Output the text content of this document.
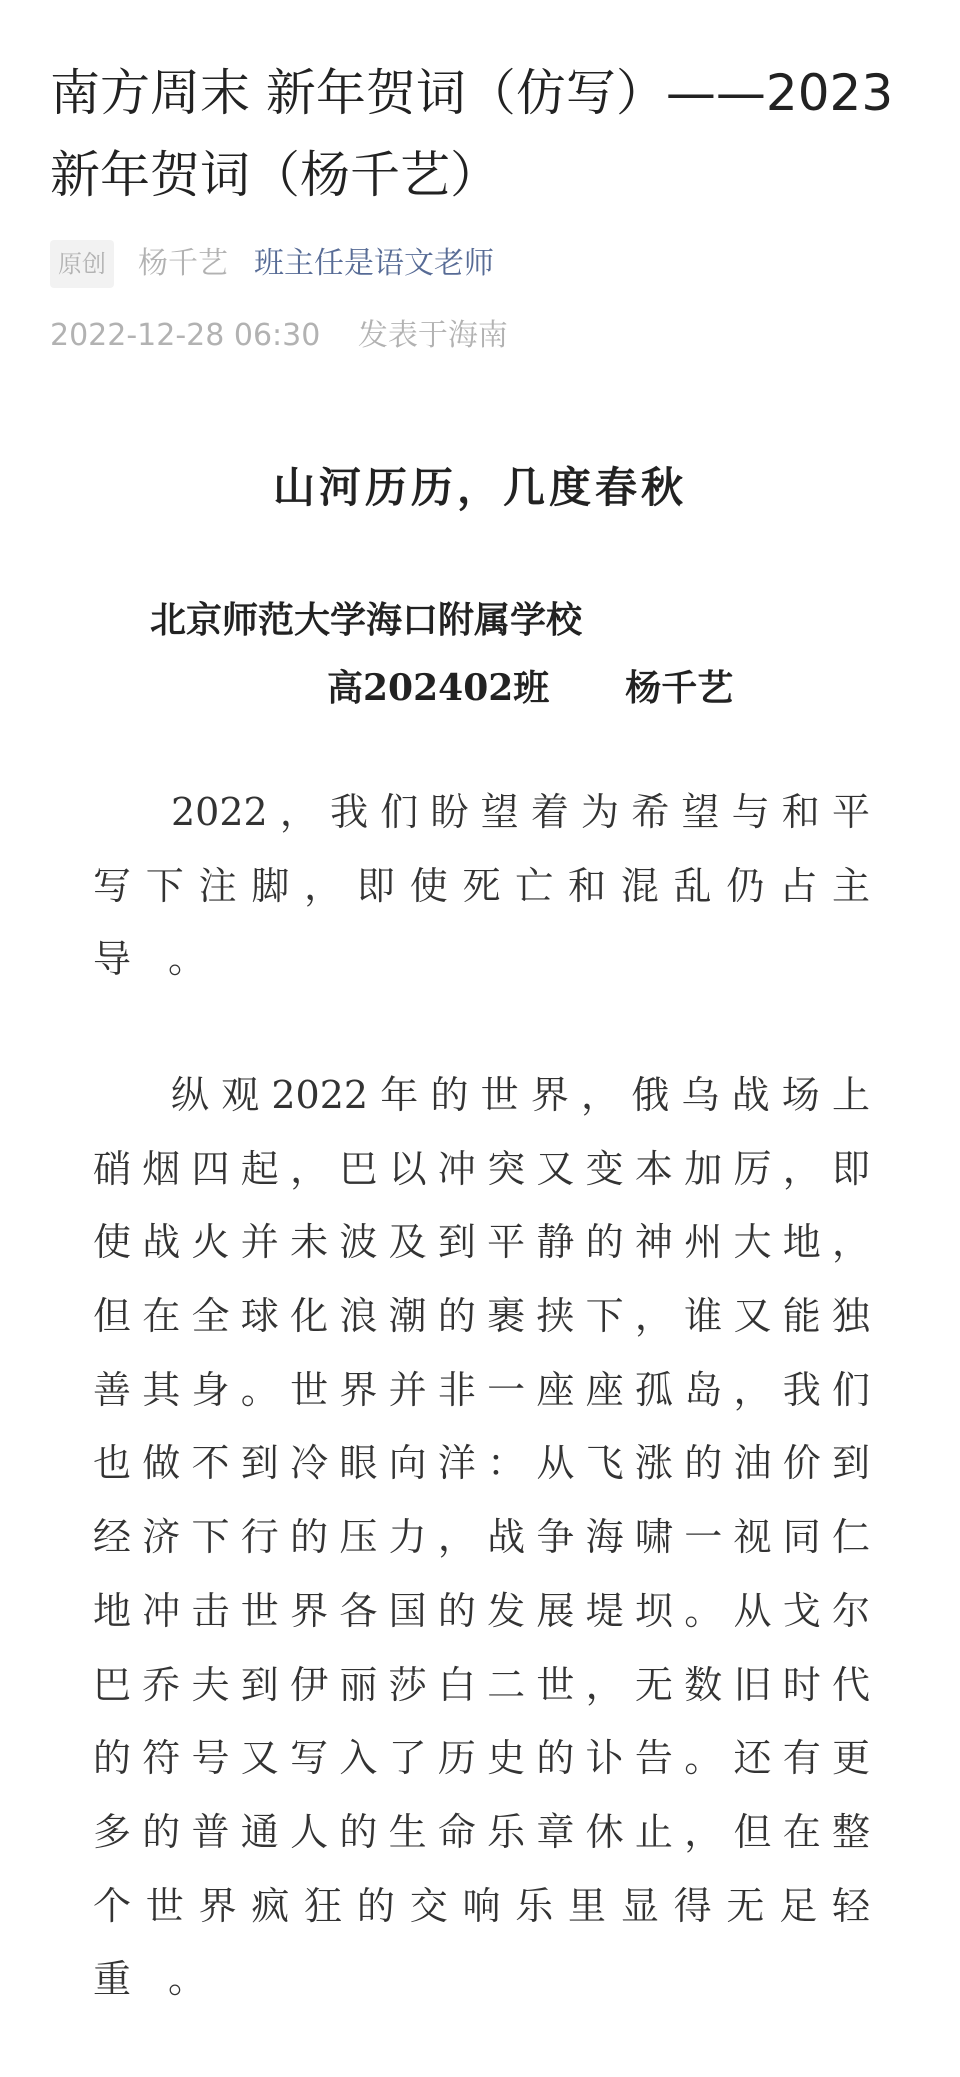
南方周末 新年贺词（仿写）——2023 新年贺词（杨千艺）
原创 杨千艺 班主任是语文老师
2022-12-28 06:30 发表于海南
山河历历，几度春秋
北京师范大学海口附属学校
高202402班 杨千艺
2022，我们盼望着为希望与和平
写下注脚，即使死亡和混乱仍占主
导。
纵观2022年的世界，俄乌战场上
硝烟四起，巴以冲突又变本加厉，即
使战火并未波及到平静的神州大地，
但在全球化浪潮的裹挟下，谁又能独
善其身。世界并非一座座孤岛，我们
也做不到冷眼向洋：从飞涨的油价到
经济下行的压力，战争海啸一视同仁
地冲击世界各国的发展堤坝。从戈尔
巴乔夫到伊丽莎白二世，无数旧时代
的符号又写入了历史的讣告。还有更
多的普通人的生命乐章休止，但在整
个世界疯狂的交响乐里显得无足轻
重。
